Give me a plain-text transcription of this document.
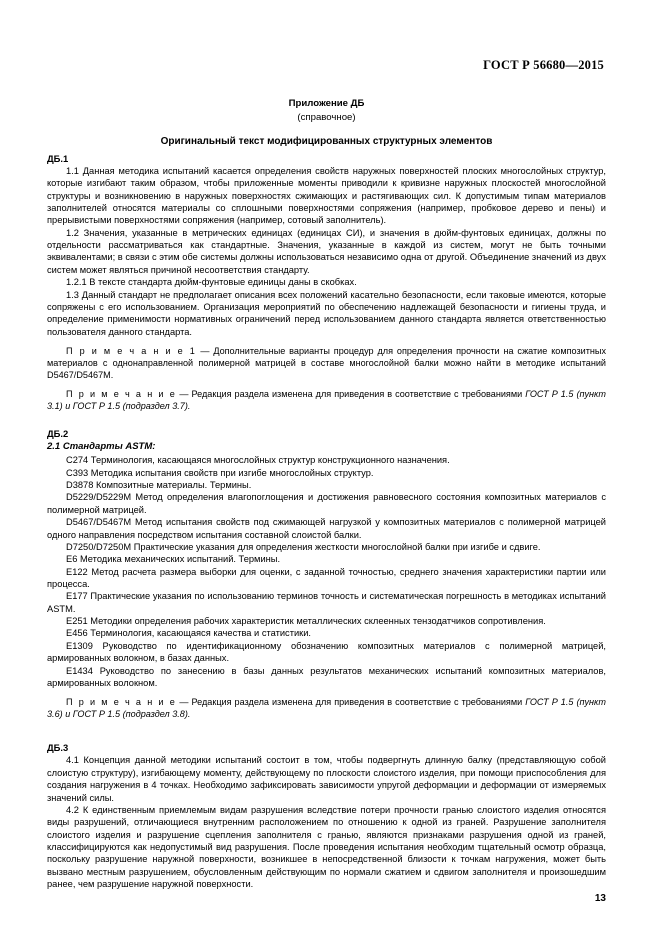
ГОСТ Р 56680—2015
Приложение ДБ
(справочное)
Оригинальный текст модифицированных структурных элементов
ДБ.1

1.1 Данная методика испытаний касается определения свойств наружных поверхностей плоских многослойных структур, которые изгибают таким образом, чтобы приложенные моменты приводили к кривизне наружных плоскостей многослойной структуры и возникновению в наружных поверхностях сжимающих и растягивающих сил. К допустимым типам материалов заполнителей относятся материалы со сплошными поверхностями сопряжения (например, пробковое дерево и пены) и прерывистыми поверхностями сопряжения (например, сотовый заполнитель).

1.2 Значения, указанные в метрических единицах (единицах СИ), и значения в дюйм-фунтовых единицах, должны по отдельности рассматриваться как стандартные. Значения, указанные в каждой из систем, могут не быть точными эквивалентами; в связи с этим обе системы должны использоваться независимо одна от другой. Объединение значений из двух систем может являться причиной несоответствия стандарту.

1.2.1 В тексте стандарта дюйм-фунтовые единицы даны в скобках.

1.3 Данный стандарт не предполагает описания всех положений касательно безопасности, если таковые имеются, которые сопряжены с его использованием. Организация мероприятий по обеспечению надлежащей безопасности и гигиены труда, и определение применимости нормативных ограничений перед использованием данного стандарта является ответственностью пользователя данного стандарта.

П р и м е ч а н и е 1 — Дополнительные варианты процедур для определения прочности на сжатие композитных материалов с однонаправленной полимерной матрицей в составе многослойной балки можно найти в методике испытаний D5467/D5467M.

П р и м е ч а н и е — Редакция раздела изменена для приведения в соответствие с требованиями ГОСТ Р 1.5 (пункт 3.1) и ГОСТ Р 1.5 (подраздел 3.7).

ДБ.2
2.1 Стандарты ASTM:

C274 Терминология, касающаяся многослойных структур конструкционного назначения.

C393 Методика испытания свойств при изгибе многослойных структур.

D3878 Композитные материалы. Термины.

D5229/D5229M Метод определения влагопоглощения и достижения равновесного состояния композитных материалов с полимерной матрицей.

D5467/D5467M Метод испытания свойств под сжимающей нагрузкой у композитных материалов с полимерной матрицей одного направления посредством испытания составной слоистой балки.

D7250/D7250M Практические указания для определения жесткости многослойной балки при изгибе и сдвиге.

E6 Методика механических испытаний. Термины.

E122 Метод расчета размера выборки для оценки, с заданной точностью, среднего значения характеристики партии или процесса.

E177 Практические указания по использованию терминов точность и систематическая погрешность в методиках испытаний ASTM.

E251 Методики определения рабочих характеристик металлических склеенных тензодатчиков сопротивления.

E456 Терминология, касающаяся качества и статистики.

E1309 Руководство по идентификационному обозначению композитных материалов с полимерной матрицей, армированных волокном, в базах данных.

E1434 Руководство по занесению в базы данных результатов механических испытаний композитных материалов, армированных волокном.

П р и м е ч а н и е — Редакция раздела изменена для приведения в соответствие с требованиями ГОСТ Р 1.5 (пункт 3.6) и ГОСТ Р 1.5 (подраздел 3.8).

ДБ.3

4.1 Концепция данной методики испытаний состоит в том, чтобы подвергнуть длинную балку (представляющую собой слоистую структуру), изгибающему моменту, действующему по плоскости слоистого изделия, при помощи приспособления для создания нагружения в 4 точках. Необходимо зафиксировать зависимости упругой деформации и деформации от измеряемых значений силы.

4.2 К единственным приемлемым видам разрушения вследствие потери прочности гранью слоистого изделия относятся виды разрушений, отличающиеся внутренним расположением по отношению к одной из граней. Разрушение заполнителя слоистого изделия и разрушение сцепления заполнителя с гранью, являются признаками разрушения одной из граней, классифицируются как недопустимый вид разрушения. После проведения испытания необходим тщательный осмотр образца, поскольку разрушение наружной поверхности, возникшее в непосредственной близости к точкам нагружения, может быть вызвано местным разрушением, обусловленным действующим по нормали сжатием и сдвигом заполнителя и произошедшим ранее, чем разрушение наружной поверхности.

13
